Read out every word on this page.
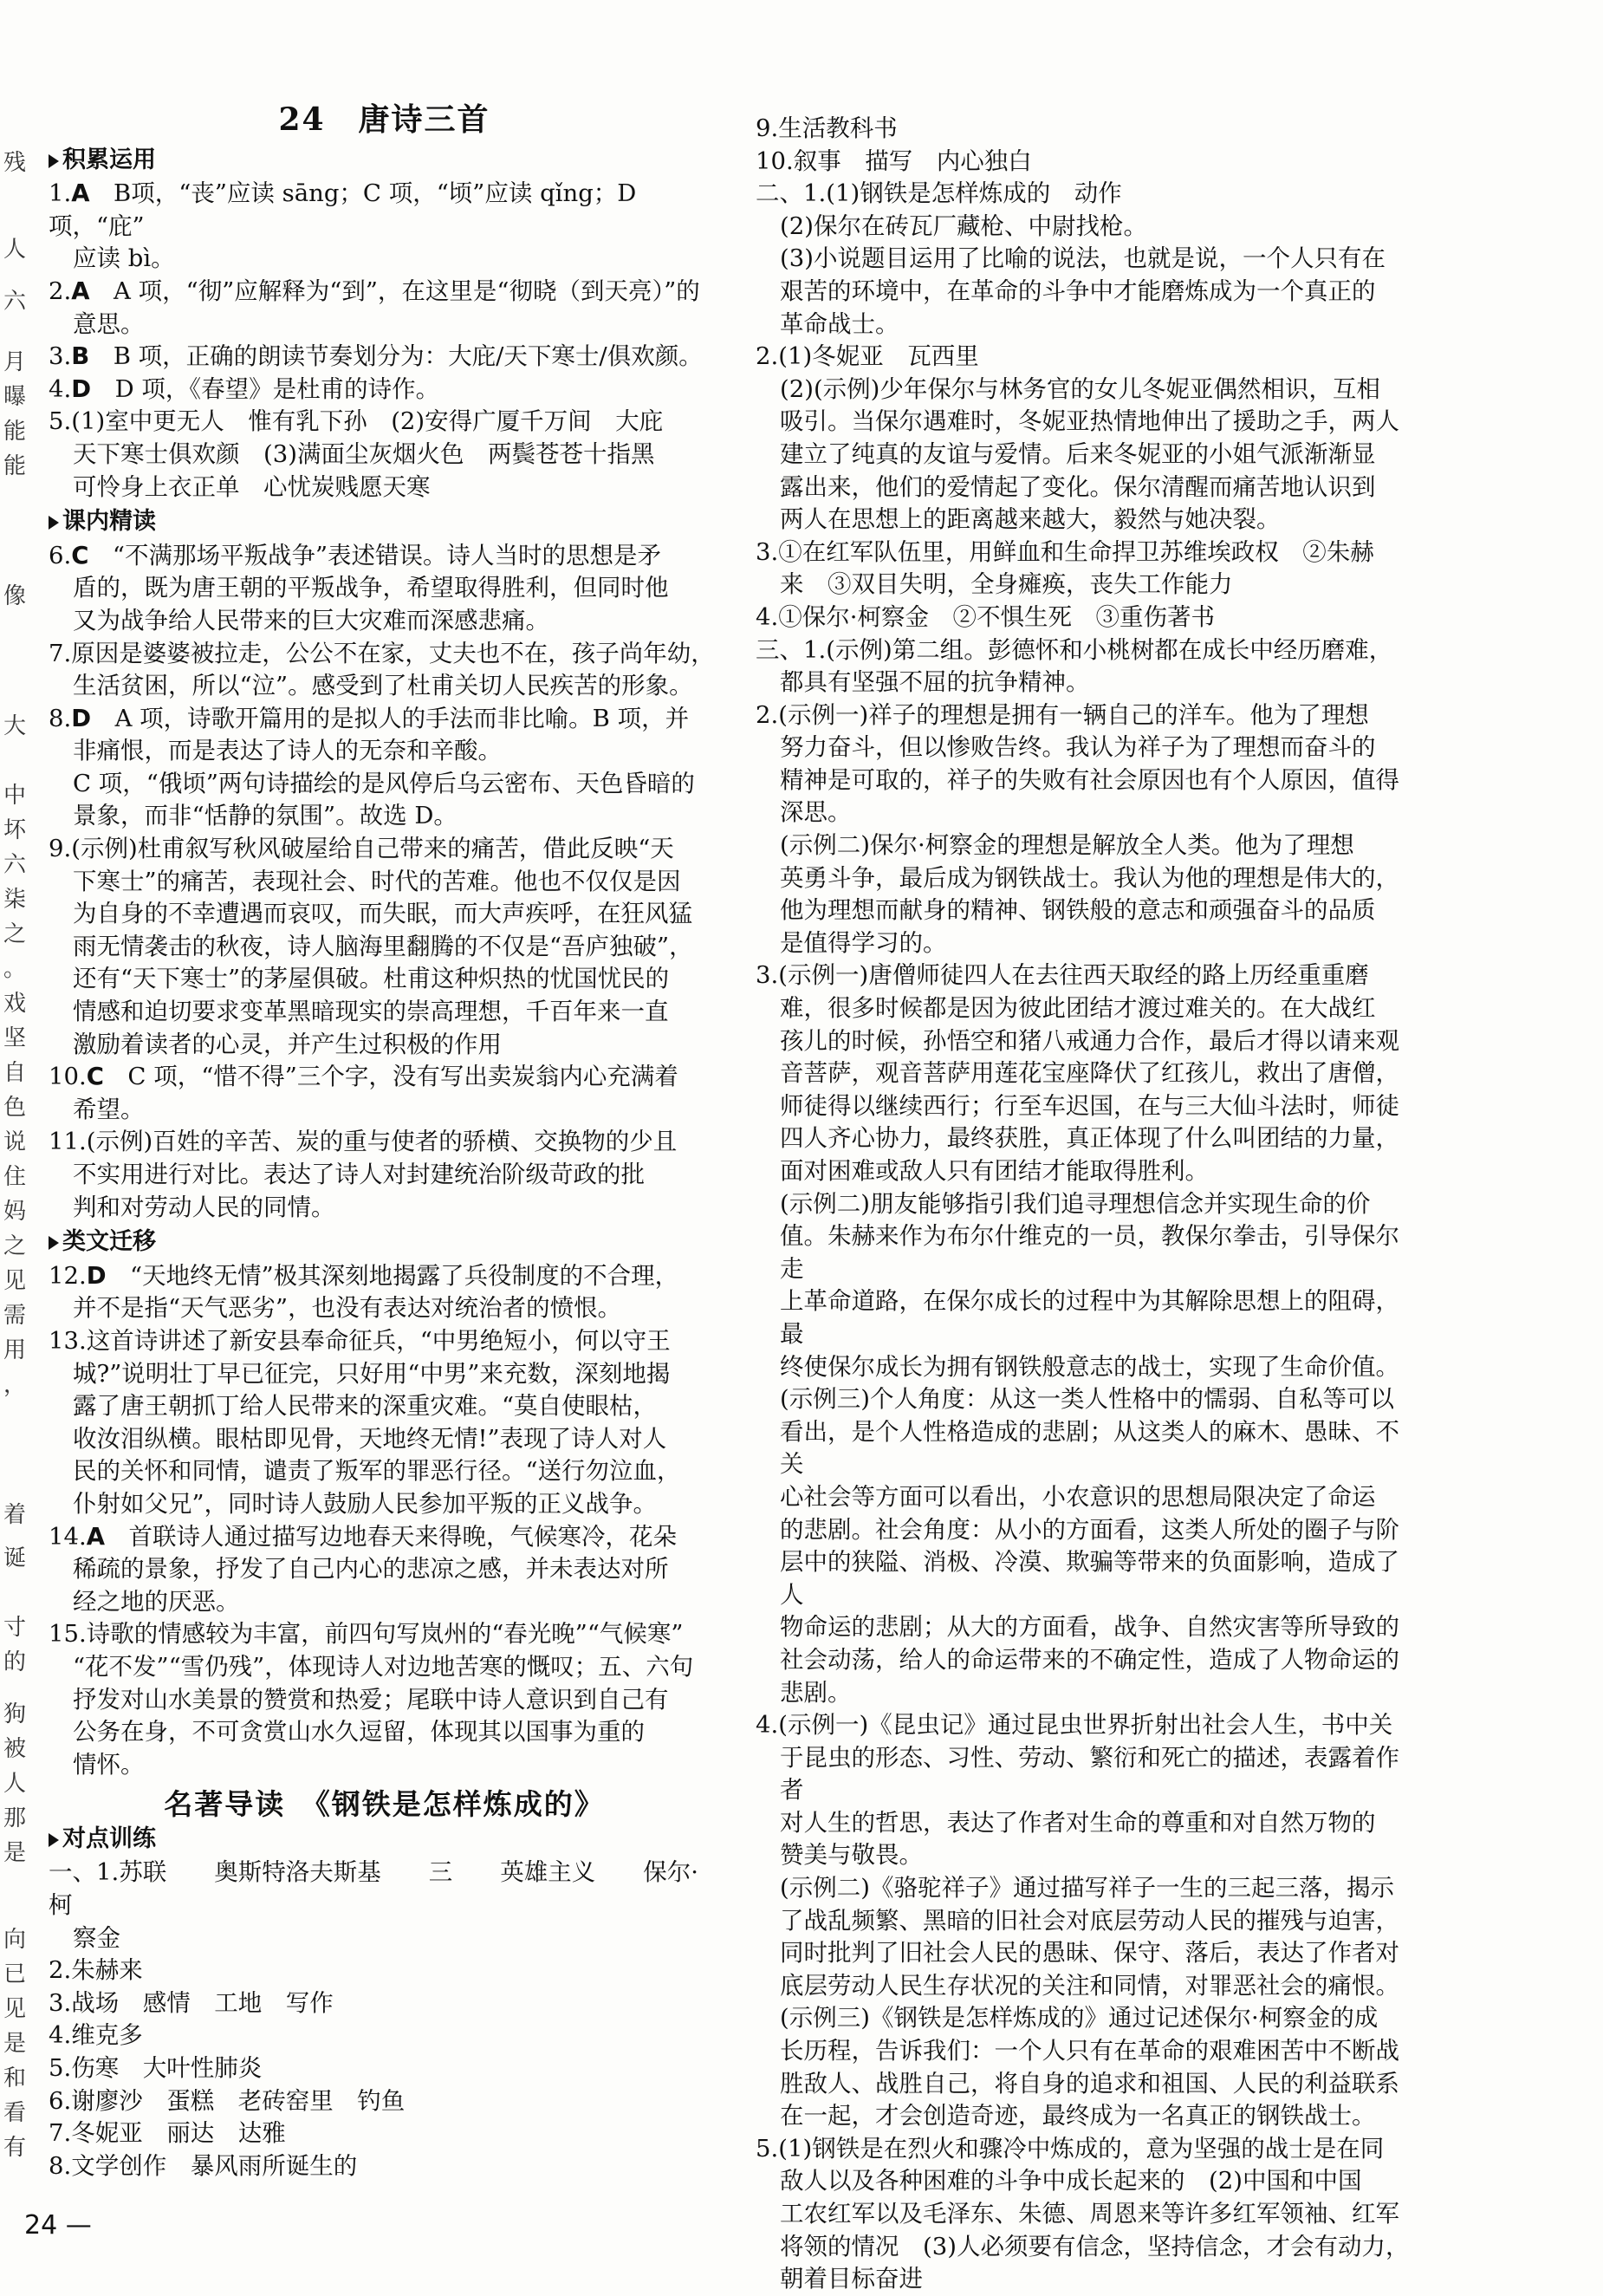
残
人
六
月
曝
能
能
像
大
中
坏
六
柒
之
。
戏
坚
自
色
说
住
妈
之
见
需
用
，
着
诞
寸
的
狗
被
人
那
是
向
已
见
是
和
看
有
24　唐诗三首
积累运用
1.A　B项，“丧”应读 sāng；C 项，“顷”应读 qǐng；D 项，“庇”
应读 bì。
2.A　A 项，“彻”应解释为“到”，在这里是“彻晓（到天亮）”的
意思。
3.B　B 项，正确的朗读节奏划分为：大庇/天下寒士/俱欢颜。
4.D　D 项，《春望》是杜甫的诗作。
5.(1)室中更无人　惟有乳下孙　(2)安得广厦千万间　大庇
天下寒士俱欢颜　(3)满面尘灰烟火色　两鬓苍苍十指黑
可怜身上衣正单　心忧炭贱愿天寒
课内精读
6.C　“不满那场平叛战争”表述错误。诗人当时的思想是矛
盾的，既为唐王朝的平叛战争，希望取得胜利，但同时他
又为战争给人民带来的巨大灾难而深感悲痛。
7.原因是婆婆被拉走，公公不在家，丈夫也不在，孩子尚年幼，
生活贫困，所以“泣”。感受到了杜甫关切人民疾苦的形象。
8.D　A 项，诗歌开篇用的是拟人的手法而非比喻。B 项，并
非痛恨，而是表达了诗人的无奈和辛酸。
C 项，“俄顷”两句诗描绘的是风停后乌云密布、天色昏暗的
景象，而非“恬静的氛围”。故选 D。
9.(示例)杜甫叙写秋风破屋给自己带来的痛苦，借此反映“天
下寒士”的痛苦，表现社会、时代的苦难。他也不仅仅是因
为自身的不幸遭遇而哀叹，而失眠，而大声疾呼，在狂风猛
雨无情袭击的秋夜，诗人脑海里翻腾的不仅是“吾庐独破”，
还有“天下寒士”的茅屋俱破。杜甫这种炽热的忧国忧民的
情感和迫切要求变革黑暗现实的崇高理想，千百年来一直
激励着读者的心灵，并产生过积极的作用
10.C　C 项，“惜不得”三个字，没有写出卖炭翁内心充满着
希望。
11.(示例)百姓的辛苦、炭的重与使者的骄横、交换物的少且
不实用进行对比。表达了诗人对封建统治阶级苛政的批
判和对劳动人民的同情。
类文迁移
12.D　“天地终无情”极其深刻地揭露了兵役制度的不合理，
并不是指“天气恶劣”，也没有表达对统治者的愤恨。
13.这首诗讲述了新安县奉命征兵，“中男绝短小，何以守王
城?”说明壮丁早已征完，只好用“中男”来充数，深刻地揭
露了唐王朝抓丁给人民带来的深重灾难。“莫自使眼枯，
收汝泪纵横。眼枯即见骨，天地终无情!”表现了诗人对人
民的关怀和同情，谴责了叛军的罪恶行径。“送行勿泣血，
仆射如父兄”，同时诗人鼓励人民参加平叛的正义战争。
14.A　首联诗人通过描写边地春天来得晚，气候寒冷，花朵
稀疏的景象，抒发了自己内心的悲凉之感，并未表达对所
经之地的厌恶。
15.诗歌的情感较为丰富，前四句写岚州的“春光晚”“气候寒”
“花不发”“雪仍残”，体现诗人对边地苦寒的慨叹；五、六句
抒发对山水美景的赞赏和热爱；尾联中诗人意识到自己有
公务在身，不可贪赏山水久逗留，体现其以国事为重的
情怀。
名著导读　《钢铁是怎样炼成的》
对点训练
一、1.苏联　　奥斯特洛夫斯基　　三　　英雄主义　　保尔·柯
察金
2.朱赫来
3.战场　感情　工地　写作
4.维克多
5.伤寒　大叶性肺炎
6.谢廖沙　蛋糕　老砖窑里　钓鱼
7.冬妮亚　丽达　达雅
8.文学创作　暴风雨所诞生的
9.生活教科书
10.叙事　描写　内心独白
二、1.(1)钢铁是怎样炼成的　动作
(2)保尔在砖瓦厂藏枪、中尉找枪。
(3)小说题目运用了比喻的说法，也就是说，一个人只有在
艰苦的环境中，在革命的斗争中才能磨炼成为一个真正的
革命战士。
2.(1)冬妮亚　瓦西里
(2)(示例)少年保尔与林务官的女儿冬妮亚偶然相识，互相
吸引。当保尔遇难时，冬妮亚热情地伸出了援助之手，两人
建立了纯真的友谊与爱情。后来冬妮亚的小姐气派渐渐显
露出来，他们的爱情起了变化。保尔清醒而痛苦地认识到
两人在思想上的距离越来越大，毅然与她决裂。
3.①在红军队伍里，用鲜血和生命捍卫苏维埃政权　②朱赫
来　③双目失明，全身瘫痪，丧失工作能力
4.①保尔·柯察金　②不惧生死　③重伤著书
三、1.(示例)第二组。彭德怀和小桃树都在成长中经历磨难，
都具有坚强不屈的抗争精神。
2.(示例一)祥子的理想是拥有一辆自己的洋车。他为了理想
努力奋斗，但以惨败告终。我认为祥子为了理想而奋斗的
精神是可取的，祥子的失败有社会原因也有个人原因，值得
深思。
(示例二)保尔·柯察金的理想是解放全人类。他为了理想
英勇斗争，最后成为钢铁战士。我认为他的理想是伟大的，
他为理想而献身的精神、钢铁般的意志和顽强奋斗的品质
是值得学习的。
3.(示例一)唐僧师徒四人在去往西天取经的路上历经重重磨
难，很多时候都是因为彼此团结才渡过难关的。在大战红
孩儿的时候，孙悟空和猪八戒通力合作，最后才得以请来观
音菩萨，观音菩萨用莲花宝座降伏了红孩儿，救出了唐僧，
师徒得以继续西行；行至车迟国，在与三大仙斗法时，师徒
四人齐心协力，最终获胜，真正体现了什么叫团结的力量，
面对困难或敌人只有团结才能取得胜利。
(示例二)朋友能够指引我们追寻理想信念并实现生命的价
值。朱赫来作为布尔什维克的一员，教保尔拳击，引导保尔走
上革命道路，在保尔成长的过程中为其解除思想上的阻碍，最
终使保尔成长为拥有钢铁般意志的战士，实现了生命价值。
(示例三)个人角度：从这一类人性格中的懦弱、自私等可以
看出，是个人性格造成的悲剧；从这类人的麻木、愚昧、不关
心社会等方面可以看出，小农意识的思想局限决定了命运
的悲剧。社会角度：从小的方面看，这类人所处的圈子与阶
层中的狭隘、消极、冷漠、欺骗等带来的负面影响，造成了人
物命运的悲剧；从大的方面看，战争、自然灾害等所导致的
社会动荡，给人的命运带来的不确定性，造成了人物命运的
悲剧。
4.(示例一)《昆虫记》通过昆虫世界折射出社会人生，书中关
于昆虫的形态、习性、劳动、繁衍和死亡的描述，表露着作者
对人生的哲思，表达了作者对生命的尊重和对自然万物的
赞美与敬畏。
(示例二)《骆驼祥子》通过描写祥子一生的三起三落，揭示
了战乱频繁、黑暗的旧社会对底层劳动人民的摧残与迫害，
同时批判了旧社会人民的愚昧、保守、落后，表达了作者对
底层劳动人民生存状况的关注和同情，对罪恶社会的痛恨。
(示例三)《钢铁是怎样炼成的》通过记述保尔·柯察金的成
长历程，告诉我们：一个人只有在革命的艰难困苦中不断战
胜敌人、战胜自己，将自身的追求和祖国、人民的利益联系
在一起，才会创造奇迹，最终成为一名真正的钢铁战士。
5.(1)钢铁是在烈火和骤冷中炼成的，意为坚强的战士是在同
敌人以及各种困难的斗争中成长起来的　(2)中国和中国
工农红军以及毛泽东、朱德、周恩来等许多红军领袖、红军
将领的情况　(3)人必须要有信念，坚持信念，才会有动力，
朝着目标奋进
24 —
